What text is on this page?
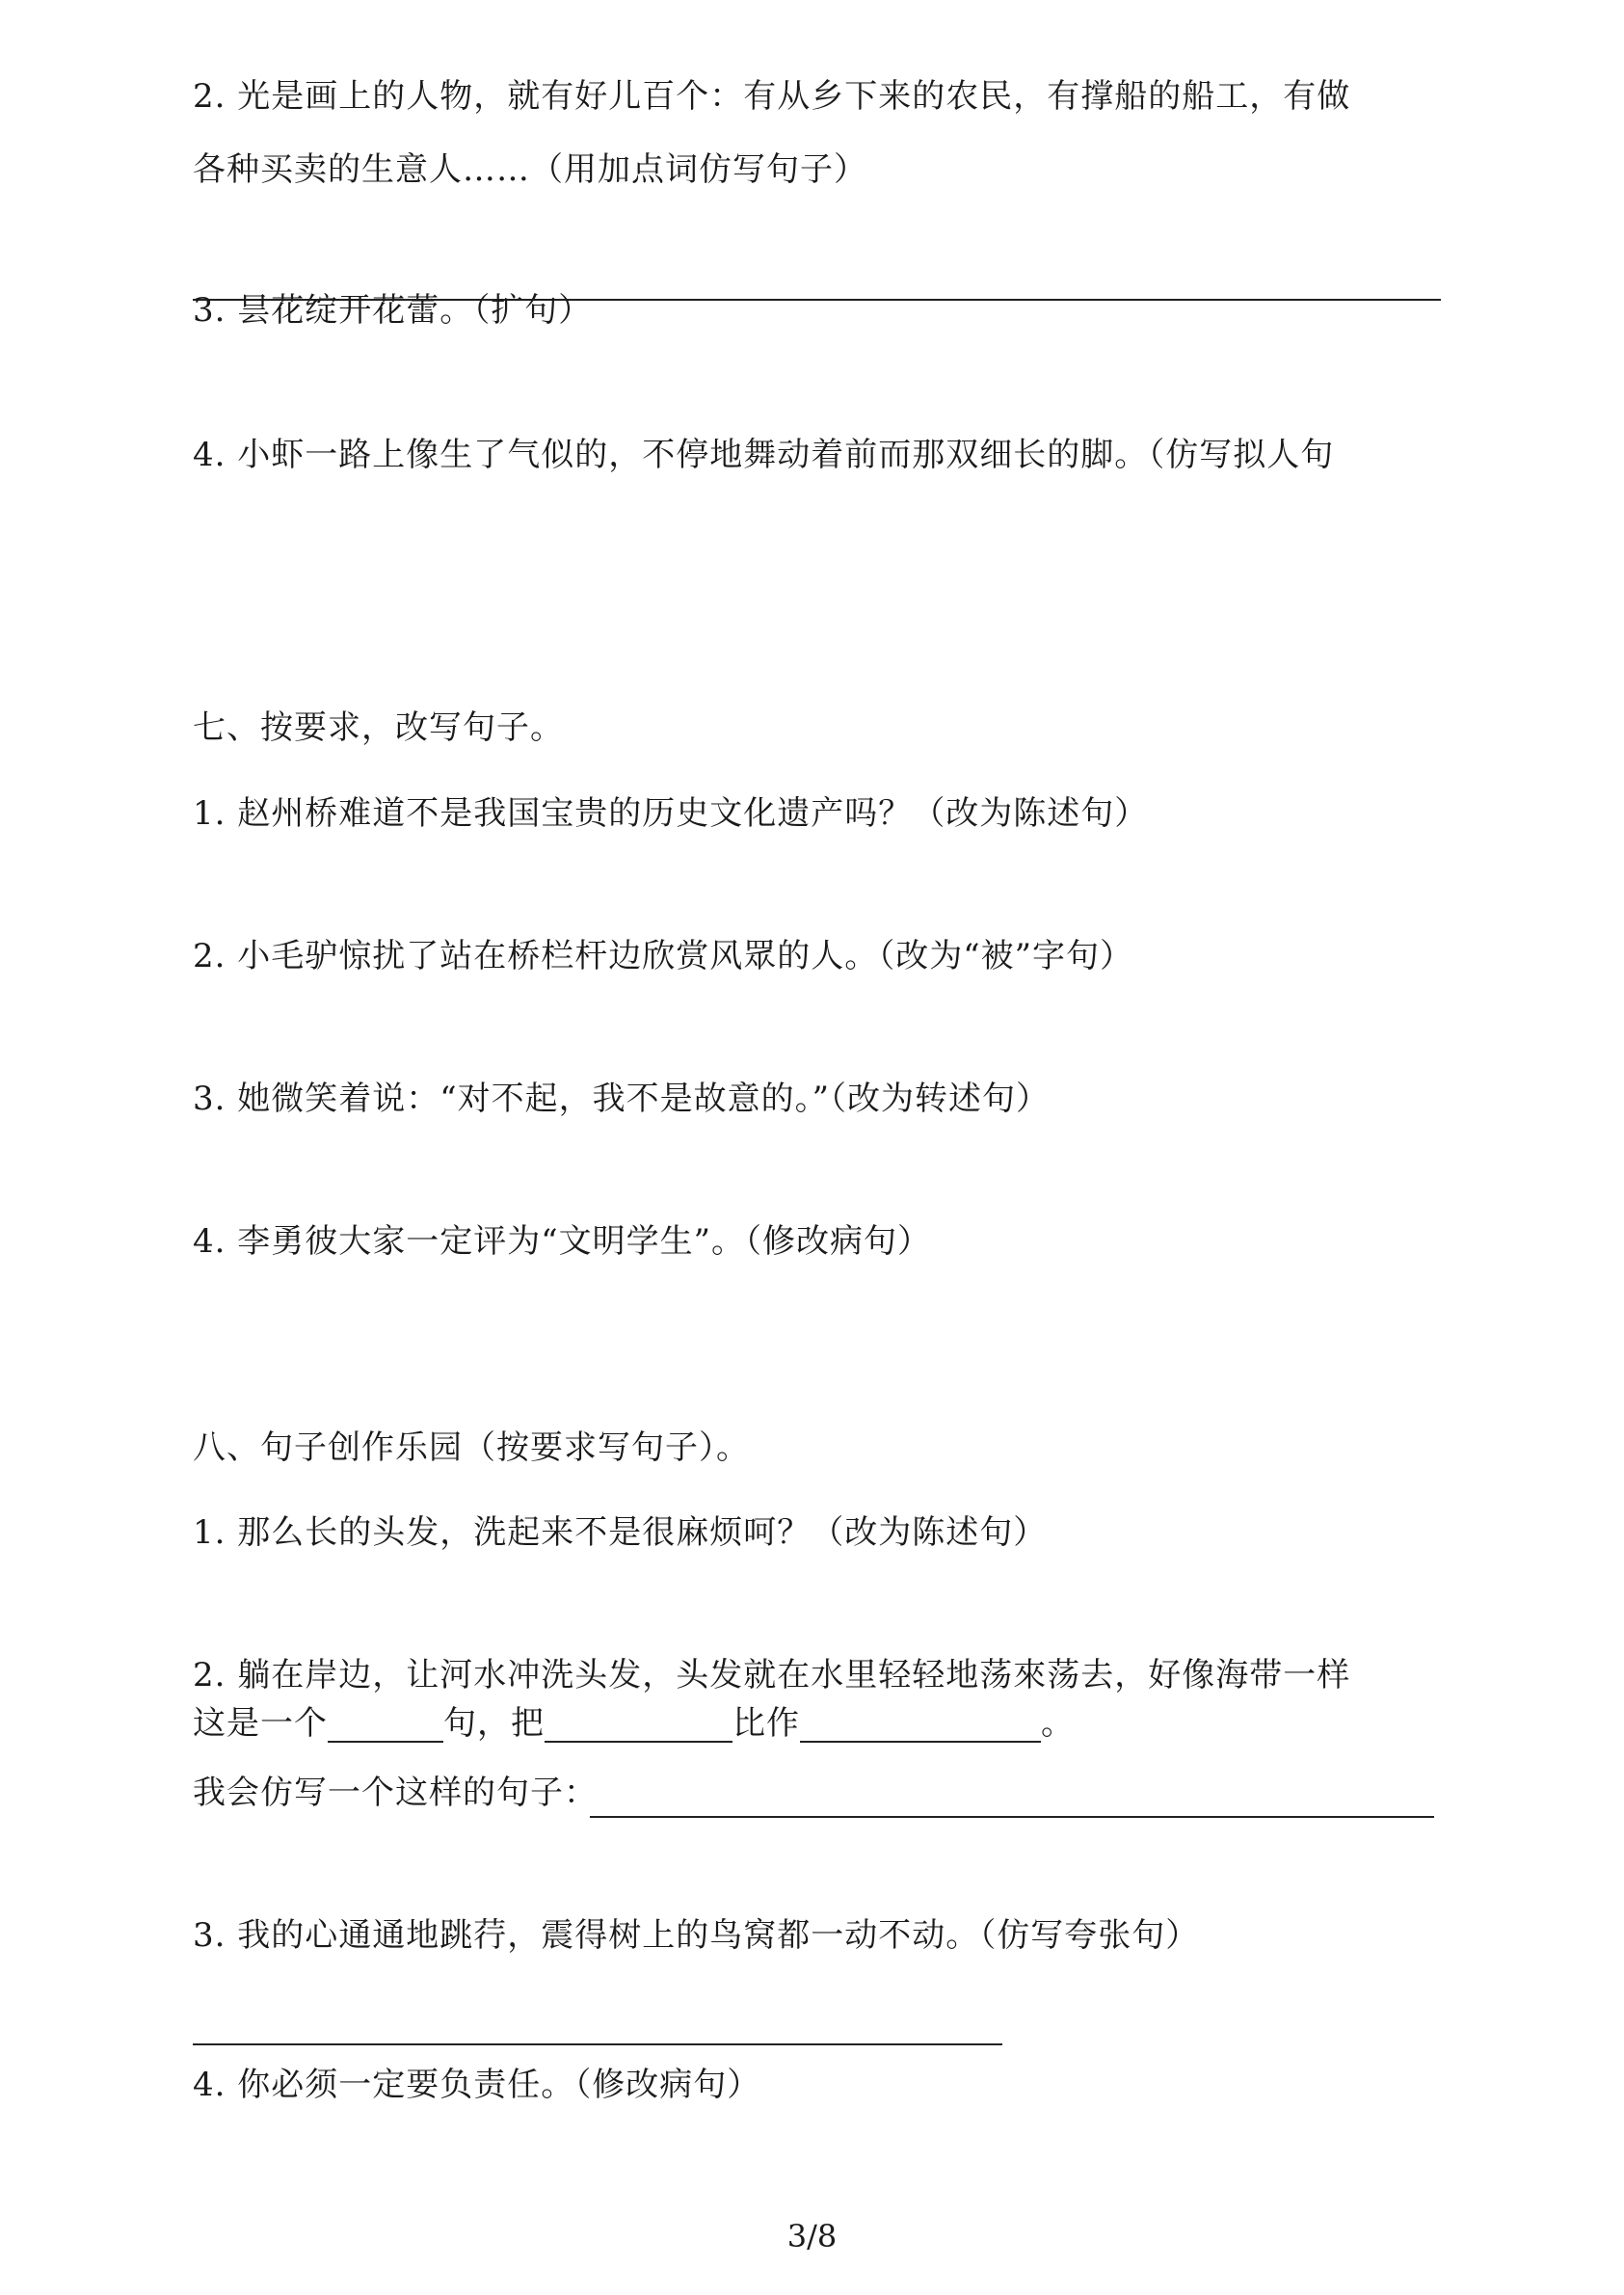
2. 光是画上的人物，就有好儿百个：有从乡下来的农民，有撑船的船工，有做
各种买卖的生意人……（用加点词仿写句子）
3. 昙花绽开花蕾。（扩句）
4. 小虾一路上像生了气似的，不停地舞动着前而那双细长的脚。（仿写拟人句
七、按要求，改写句子。
1. 赵州桥难道不是我国宝贵的历史文化遗产吗？（改为陈述句）
2. 小毛驴惊扰了站在桥栏杆边欣赏风眾的人。（改为“被”字句）
3. 她微笑着说：“对不起，我不是故意的。”（改为转述句）
4. 李勇彼大家一定评为“文明学生”。（修改病句）
八、句子创作乐园（按要求写句子）。
1. 那么长的头发，洗起来不是很麻烦呵？（改为陈述句）
2. 躺在岸边，让河水冲洗头发，头发就在水里轻轻地荡來荡去，好像海带一样
这是一个	句，把	比作	。
我会仿写一个这样的句子：
3. 我的心通通地跳荇，震得树上的鸟窝都一动不动。（仿写夸张句）
4. 你必须一定要负责任。（修改病句）
3/8
